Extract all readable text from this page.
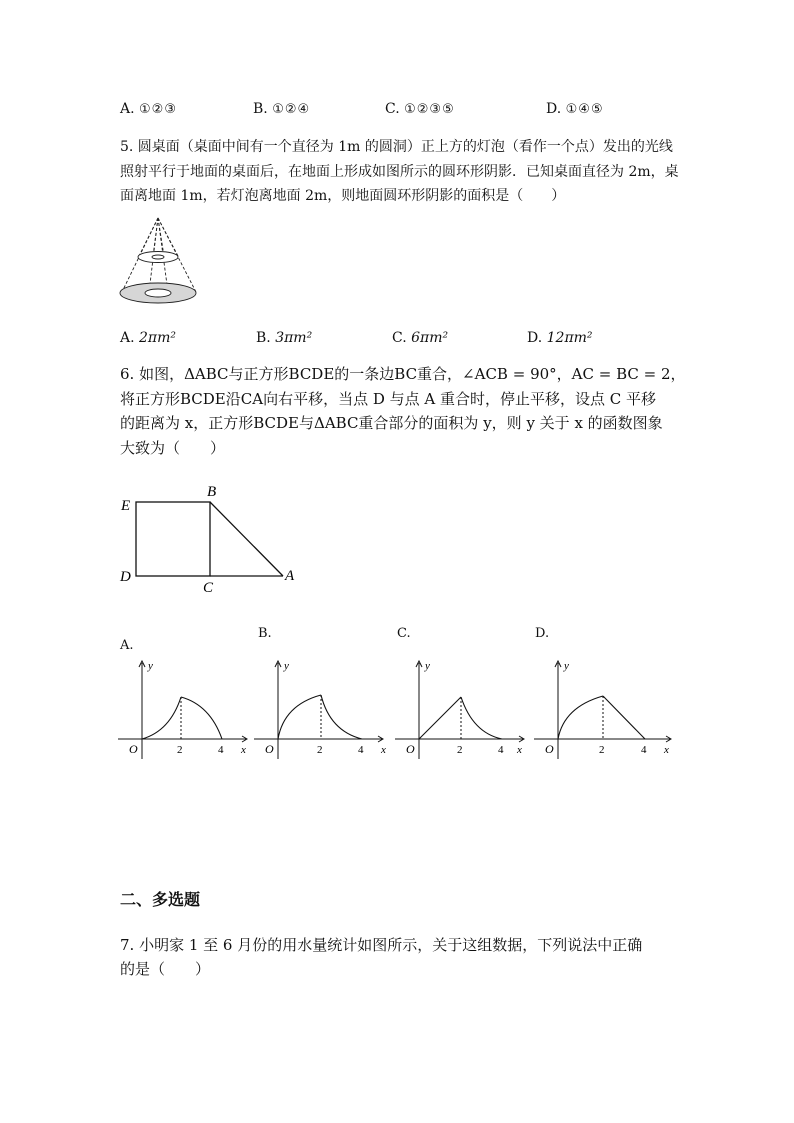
A. ①②③	B. ①②④	C. ①②③⑤	D. ①④⑤
5. 圆桌面（桌面中间有一个直径为 1m 的圆洞）正上方的灯泡（看作一个点）发出的光线
照射平行于地面的桌面后，在地面上形成如图所示的圆环形阴影．已知桌面直径为 2m，桌
面离地面 1m，若灯泡离地面 2m，则地面圆环形阴影的面积是（　　）
A. 2πm²	B. 3πm²	C. 6πm²	D. 12πm²
6. 如图，ΔABC与正方形BCDE的一条边BC重合，∠ACB = 90°，AC = BC = 2，
将正方形BCDE沿CA向右平移，当点 D 与点 A 重合时，停止平移，设点 C 平移
的距离为 x，正方形BCDE与ΔABC重合部分的面积为 y，则 y 关于 x 的函数图象
大致为（　　）
E
B
D
C
A
A.
B.	C.	D.
y
O	2	4 x
y
O	2	4 x
y
O	2	4 x
y
O	2	4 x
二、多选题
7. 小明家 1 至 6 月份的用水量统计如图所示，关于这组数据，下列说法中正确
的是（　　）
